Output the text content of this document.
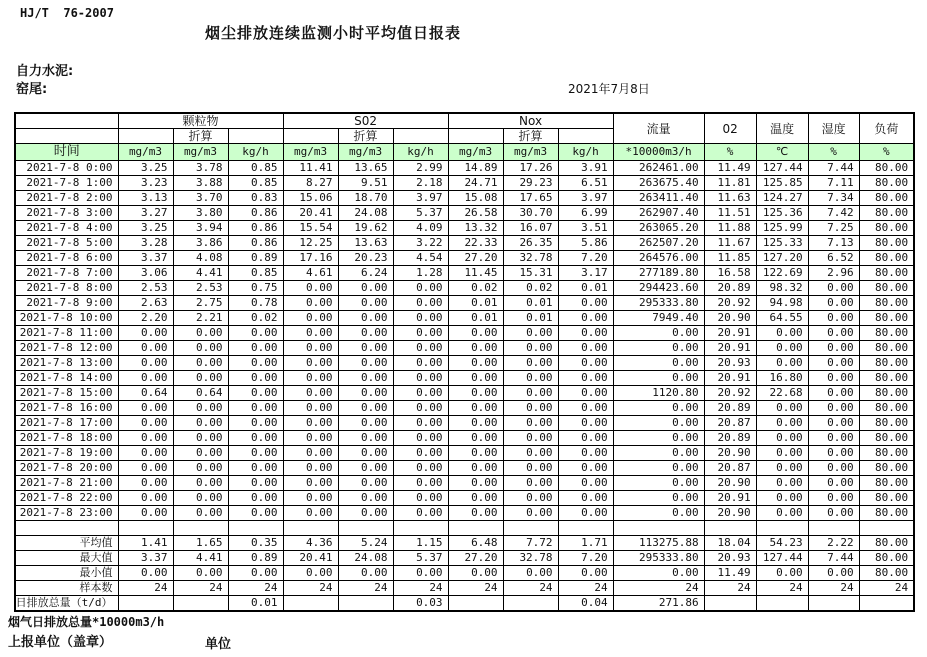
HJ/T  76-2007
烟尘排放连续监测小时平均值日报表
自力水泥:
窑尾:	2021年7月8日
	颗粒物			S02			Nox			流量	02	温度	湿度	负荷
		折算			折算			折算						
时间	mg/m3	mg/m3	kg/h	mg/m3	mg/m3	kg/h	mg/m3	mg/m3	kg/h	*10000m3/h	%	℃	%	%
2021-7-8 0:00	3.25	3.78	0.85	11.41	13.65	2.99	14.89	17.26	3.91	262461.00	11.49	127.44	7.44	80.00
2021-7-8 1:00	3.23	3.88	0.85	8.27	9.51	2.18	24.71	29.23	6.51	263675.40	11.81	125.85	7.11	80.00
2021-7-8 2:00	3.13	3.70	0.83	15.06	18.70	3.97	15.08	17.65	3.97	263411.40	11.63	124.27	7.34	80.00
2021-7-8 3:00	3.27	3.80	0.86	20.41	24.08	5.37	26.58	30.70	6.99	262907.40	11.51	125.36	7.42	80.00
2021-7-8 4:00	3.25	3.94	0.86	15.54	19.62	4.09	13.32	16.07	3.51	263065.20	11.88	125.99	7.25	80.00
2021-7-8 5:00	3.28	3.86	0.86	12.25	13.63	3.22	22.33	26.35	5.86	262507.20	11.67	125.33	7.13	80.00
2021-7-8 6:00	3.37	4.08	0.89	17.16	20.23	4.54	27.20	32.78	7.20	264576.00	11.85	127.20	6.52	80.00
2021-7-8 7:00	3.06	4.41	0.85	4.61	6.24	1.28	11.45	15.31	3.17	277189.80	16.58	122.69	2.96	80.00
2021-7-8 8:00	2.53	2.53	0.75	0.00	0.00	0.00	0.02	0.02	0.01	294423.60	20.89	98.32	0.00	80.00
2021-7-8 9:00	2.63	2.75	0.78	0.00	0.00	0.00	0.01	0.01	0.00	295333.80	20.92	94.98	0.00	80.00
2021-7-8 10:00	2.20	2.21	0.02	0.00	0.00	0.00	0.01	0.01	0.00	7949.40	20.90	64.55	0.00	80.00
2021-7-8 11:00	0.00	0.00	0.00	0.00	0.00	0.00	0.00	0.00	0.00	0.00	20.91	0.00	0.00	80.00
2021-7-8 12:00	0.00	0.00	0.00	0.00	0.00	0.00	0.00	0.00	0.00	0.00	20.91	0.00	0.00	80.00
2021-7-8 13:00	0.00	0.00	0.00	0.00	0.00	0.00	0.00	0.00	0.00	0.00	20.93	0.00	0.00	80.00
2021-7-8 14:00	0.00	0.00	0.00	0.00	0.00	0.00	0.00	0.00	0.00	0.00	20.91	16.80	0.00	80.00
2021-7-8 15:00	0.64	0.64	0.00	0.00	0.00	0.00	0.00	0.00	0.00	1120.80	20.92	22.68	0.00	80.00
2021-7-8 16:00	0.00	0.00	0.00	0.00	0.00	0.00	0.00	0.00	0.00	0.00	20.89	0.00	0.00	80.00
2021-7-8 17:00	0.00	0.00	0.00	0.00	0.00	0.00	0.00	0.00	0.00	0.00	20.87	0.00	0.00	80.00
2021-7-8 18:00	0.00	0.00	0.00	0.00	0.00	0.00	0.00	0.00	0.00	0.00	20.89	0.00	0.00	80.00
2021-7-8 19:00	0.00	0.00	0.00	0.00	0.00	0.00	0.00	0.00	0.00	0.00	20.90	0.00	0.00	80.00
2021-7-8 20:00	0.00	0.00	0.00	0.00	0.00	0.00	0.00	0.00	0.00	0.00	20.87	0.00	0.00	80.00
2021-7-8 21:00	0.00	0.00	0.00	0.00	0.00	0.00	0.00	0.00	0.00	0.00	20.90	0.00	0.00	80.00
2021-7-8 22:00	0.00	0.00	0.00	0.00	0.00	0.00	0.00	0.00	0.00	0.00	20.91	0.00	0.00	80.00
2021-7-8 23:00	0.00	0.00	0.00	0.00	0.00	0.00	0.00	0.00	0.00	0.00	20.90	0.00	0.00	80.00

平均值	1.41	1.65	0.35	4.36	5.24	1.15	6.48	7.72	1.71	113275.88	18.04	54.23	2.22	80.00
最大值	3.37	4.41	0.89	20.41	24.08	5.37	27.20	32.78	7.20	295333.80	20.93	127.44	7.44	80.00
最小值	0.00	0.00	0.00	0.00	0.00	0.00	0.00	0.00	0.00	0.00	11.49	0.00	0.00	80.00
样本数	24	24	24	24	24	24	24	24	24	24	24	24	24	24
日排放总量（t/d）			0.01			0.03			0.04	271.86				
烟气日排放总量*10000m3/h
上报单位（盖章）	单位
